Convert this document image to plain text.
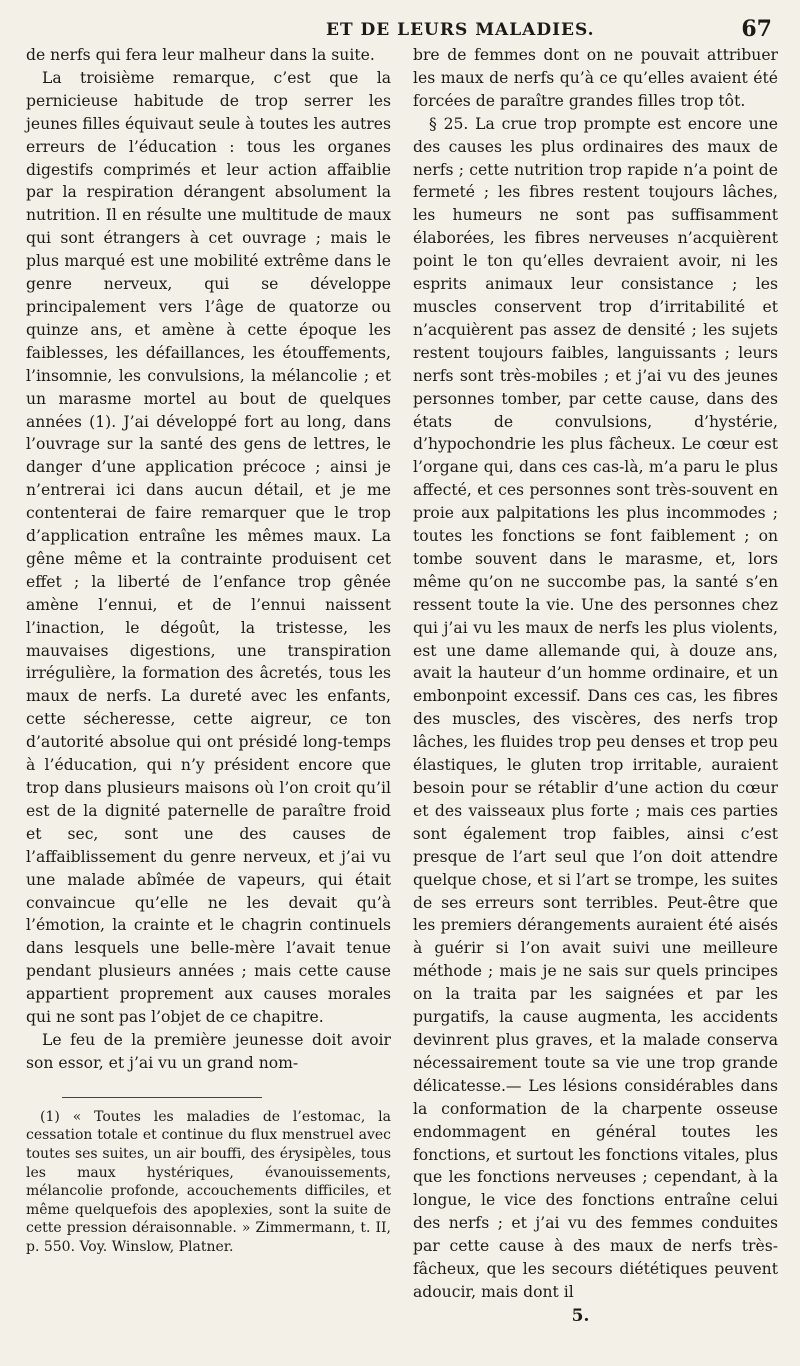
ET DE LEURS MALADIES.	67

de nerfs qui fera leur malheur dans la suite.

La troisième remarque, c’est que la pernicieuse habitude de trop serrer les jeunes filles équivaut seule à toutes les autres erreurs de l’éducation : tous les organes digestifs comprimés et leur action affaiblie par la respiration dérangent absolument la nutrition. Il en résulte une multitude de maux qui sont étrangers à cet ouvrage ; mais le plus marqué est une mobilité extrême dans le genre nerveux, qui se développe principalement vers l’âge de quatorze ou quinze ans, et amène à cette époque les faiblesses, les défaillances, les étouffements, l’insomnie, les convulsions, la mélancolie ; et un marasme mortel au bout de quelques années (1). J’ai développé fort au long, dans l’ouvrage sur la santé des gens de lettres, le danger d’une application précoce ; ainsi je n’entrerai ici dans aucun détail, et je me contenterai de faire remarquer que le trop d’application entraîne les mêmes maux. La gêne même et la contrainte produisent cet effet ; la liberté de l’enfance trop gênée amène l’ennui, et de l’ennui naissent l’inaction, le dégoût, la tristesse, les mauvaises digestions, une transpiration irrégulière, la formation des âcretés, tous les maux de nerfs. La dureté avec les enfants, cette sécheresse, cette aigreur, ce ton d’autorité absolue qui ont présidé long-temps à l’éducation, qui n’y président encore que trop dans plusieurs maisons où l’on croit qu’il est de la dignité paternelle de paraître froid et sec, sont une des causes de l’affaiblissement du genre nerveux, et j’ai vu une malade abîmée de vapeurs, qui était convaincue qu’elle ne les devait qu’à l’émotion, la crainte et le chagrin continuels dans lesquels une belle-mère l’avait tenue pendant plusieurs années ; mais cette cause appartient proprement aux causes morales qui ne sont pas l’objet de ce chapitre.

Le feu de la première jeunesse doit avoir son essor, et j’ai vu un grand nom-

(1) « Toutes les maladies de l’estomac, la cessation totale et continue du flux menstruel avec toutes ses suites, un air bouffi, des érysipèles, tous les maux hystériques, évanouissements, mélancolie profonde, accouchements difficiles, et même quelquefois des apoplexies, sont la suite de cette pression déraisonnable. » Zimmermann, t. II, p. 550. Voy. Winslow, Platner.

bre de femmes dont on ne pouvait attribuer les maux de nerfs qu’à ce qu’elles avaient été forcées de paraître grandes filles trop tôt.

§ 25. La crue trop prompte est encore une des causes les plus ordinaires des maux de nerfs ; cette nutrition trop rapide n’a point de fermeté ; les fibres restent toujours lâches, les humeurs ne sont pas suffisamment élaborées, les fibres nerveuses n’acquièrent point le ton qu’elles devraient avoir, ni les esprits animaux leur consistance ; les muscles conservent trop d’irritabilité et n’acquièrent pas assez de densité ; les sujets restent toujours faibles, languissants ; leurs nerfs sont très-mobiles ; et j’ai vu des jeunes personnes tomber, par cette cause, dans des états de convulsions, d’hystérie, d’hypochondrie les plus fâcheux. Le cœur est l’organe qui, dans ces cas-là, m’a paru le plus affecté, et ces personnes sont très-souvent en proie aux palpitations les plus incommodes ; toutes les fonctions se font faiblement ; on tombe souvent dans le marasme, et, lors même qu’on ne succombe pas, la santé s’en ressent toute la vie. Une des personnes chez qui j’ai vu les maux de nerfs les plus violents, est une dame allemande qui, à douze ans, avait la hauteur d’un homme ordinaire, et un embonpoint excessif. Dans ces cas, les fibres des muscles, des viscères, des nerfs trop lâches, les fluides trop peu denses et trop peu élastiques, le gluten trop irritable, auraient besoin pour se rétablir d’une action du cœur et des vaisseaux plus forte ; mais ces parties sont également trop faibles, ainsi c’est presque de l’art seul que l’on doit attendre quelque chose, et si l’art se trompe, les suites de ses erreurs sont terribles. Peut-être que les premiers dérangements auraient été aisés à guérir si l’on avait suivi une meilleure méthode ; mais je ne sais sur quels principes on la traita par les saignées et par les purgatifs, la cause augmenta, les accidents devinrent plus graves, et la malade conserva nécessairement toute sa vie une trop grande délicatesse.— Les lésions considérables dans la conformation de la charpente osseuse endommagent en général toutes les fonctions, et surtout les fonctions vitales, plus que les fonctions nerveuses ; cependant, à la longue, le vice des fonctions entraîne celui des nerfs ; et j’ai vu des femmes conduites par cette cause à des maux de nerfs très-fâcheux, que les secours diététiques peuvent adoucir, mais dont il

5.
